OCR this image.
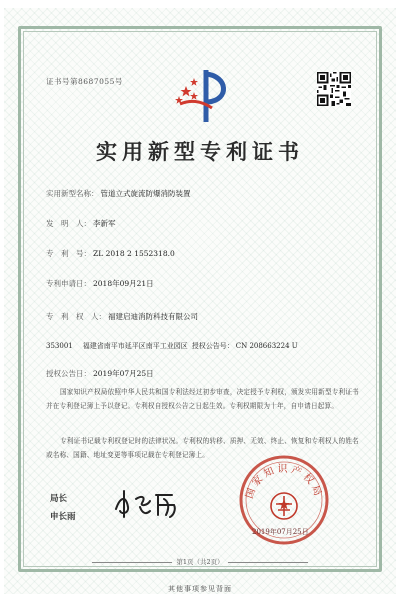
证书号第8687055号
实用新型专利证书
实用新型名称： 管道立式旋流防爆消防装置
发　明　人： 李新军
专　利　号： ZL 2018 2 1552318.0
专利申请日： 2018年09月21日
专　利　权　人： 福建启迪消防科技有限公司
353001 福建省南平市延平区南平工业园区 授权公告号： CN 208663224 U
授权公告日： 2019年07月25日
国家知识产权局依照中华人民共和国专利法经过初步审查，决定授予专利权，颁发实用新型专利证书并在专利登记簿上予以登记。专利权自授权公告之日起生效。专利权期限为十年，自申请日起算。
专利证书记载专利权登记时的法律状况。专利权的转移、质押、无效、终止、恢复和专利权人的姓名或名称、国籍、地址变更等事项记载在专利登记簿上。
局长
申长雨
国家知识产权局
2019年07月25日
第1页（共2页）
其他事项参见背面
